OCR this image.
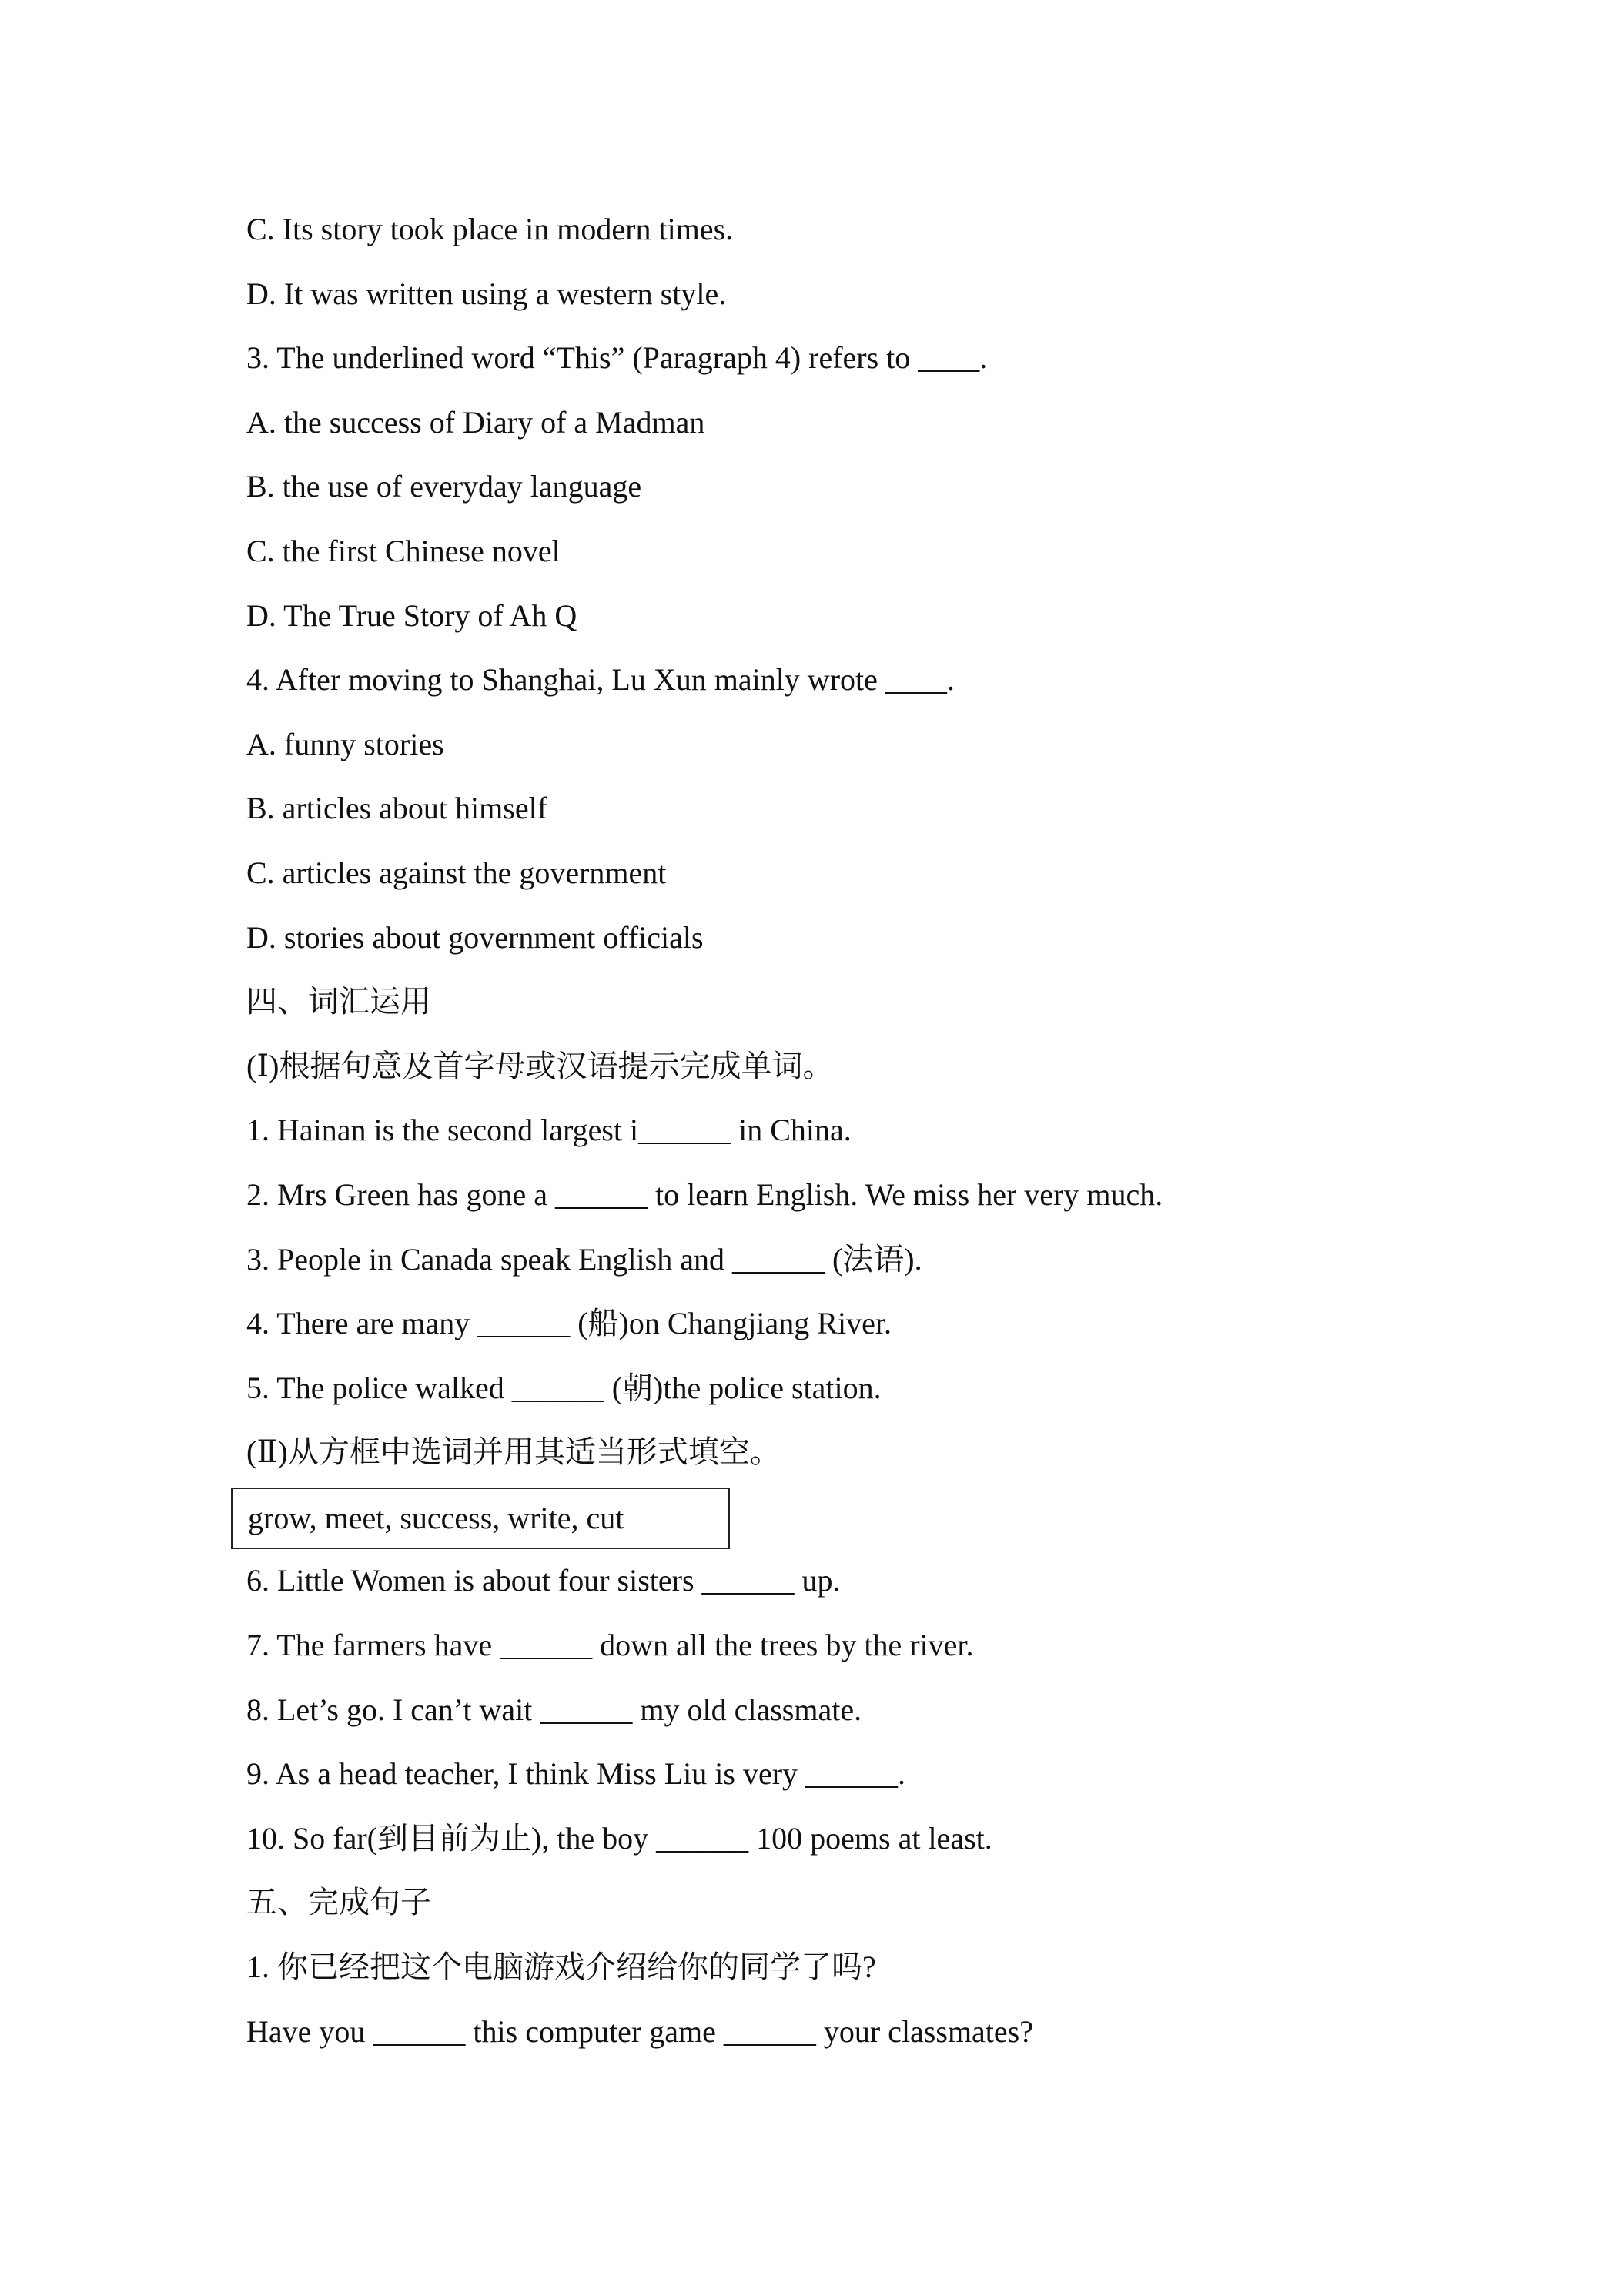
C. Its story took place in modern times.
D. It was written using a western style.
3. The underlined word “This” (Paragraph 4) refers to ____.
A. the success of Diary of a Madman
B. the use of everyday language
C. the first Chinese novel
D. The True Story of Ah Q
4. After moving to Shanghai, Lu Xun mainly wrote ____.
A. funny stories
B. articles about himself
C. articles against the government
D. stories about government officials
四、词汇运用
(Ⅰ)根据句意及首字母或汉语提示完成单词。
1. Hainan is the second largest i______ in China.
2. Mrs Green has gone a ______ to learn English. We miss her very much.
3. People in Canada speak English and ______ (法语).
4. There are many ______ (船)on Changjiang River.
5. The police walked ______ (朝)the police station.
(Ⅱ)从方框中选词并用其适当形式填空。
grow, meet, success, write, cut
6. Little Women is about four sisters ______ up.
7. The farmers have ______ down all the trees by the river.
8. Let’s go. I can’t wait ______ my old classmate.
9. As a head teacher, I think Miss Liu is very ______.
10. So far(到目前为止), the boy ______ 100 poems at least.
五、完成句子
1. 你已经把这个电脑游戏介绍给你的同学了吗?
Have you ______ this computer game ______ your classmates?
